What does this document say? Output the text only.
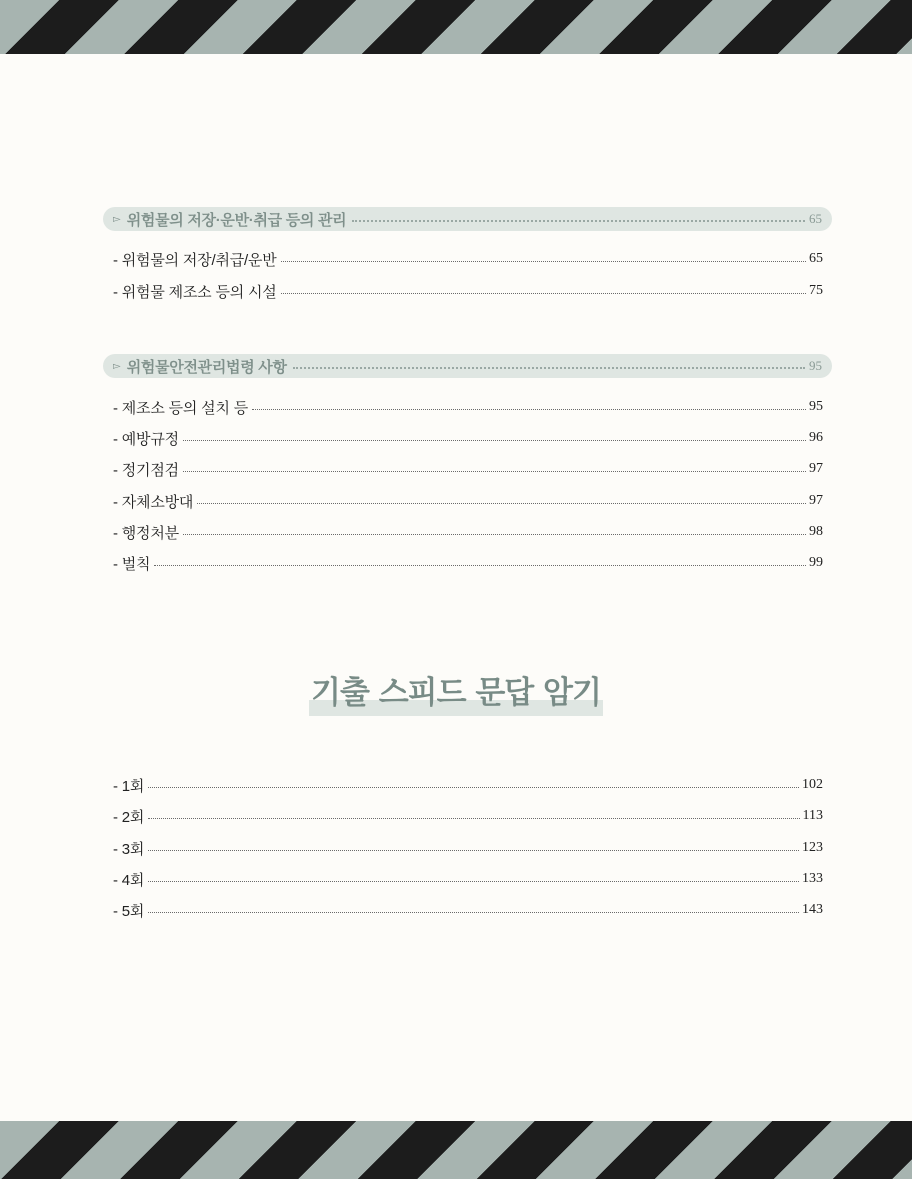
▻ 위험물의 저장·운반·취급 등의 관리	65
- 위험물의 저장/취급/운반	65
- 위험물 제조소 등의 시설	75
▻ 위험물안전관리법령 사항	95
- 제조소 등의 설치 등	95
- 예방규정	96
- 정기점검	97
- 자체소방대	97
- 행정처분	98
- 벌칙	99
기출 스피드 문답 암기
- 1회	102
- 2회	113
- 3회	123
- 4회	133
- 5회	143
